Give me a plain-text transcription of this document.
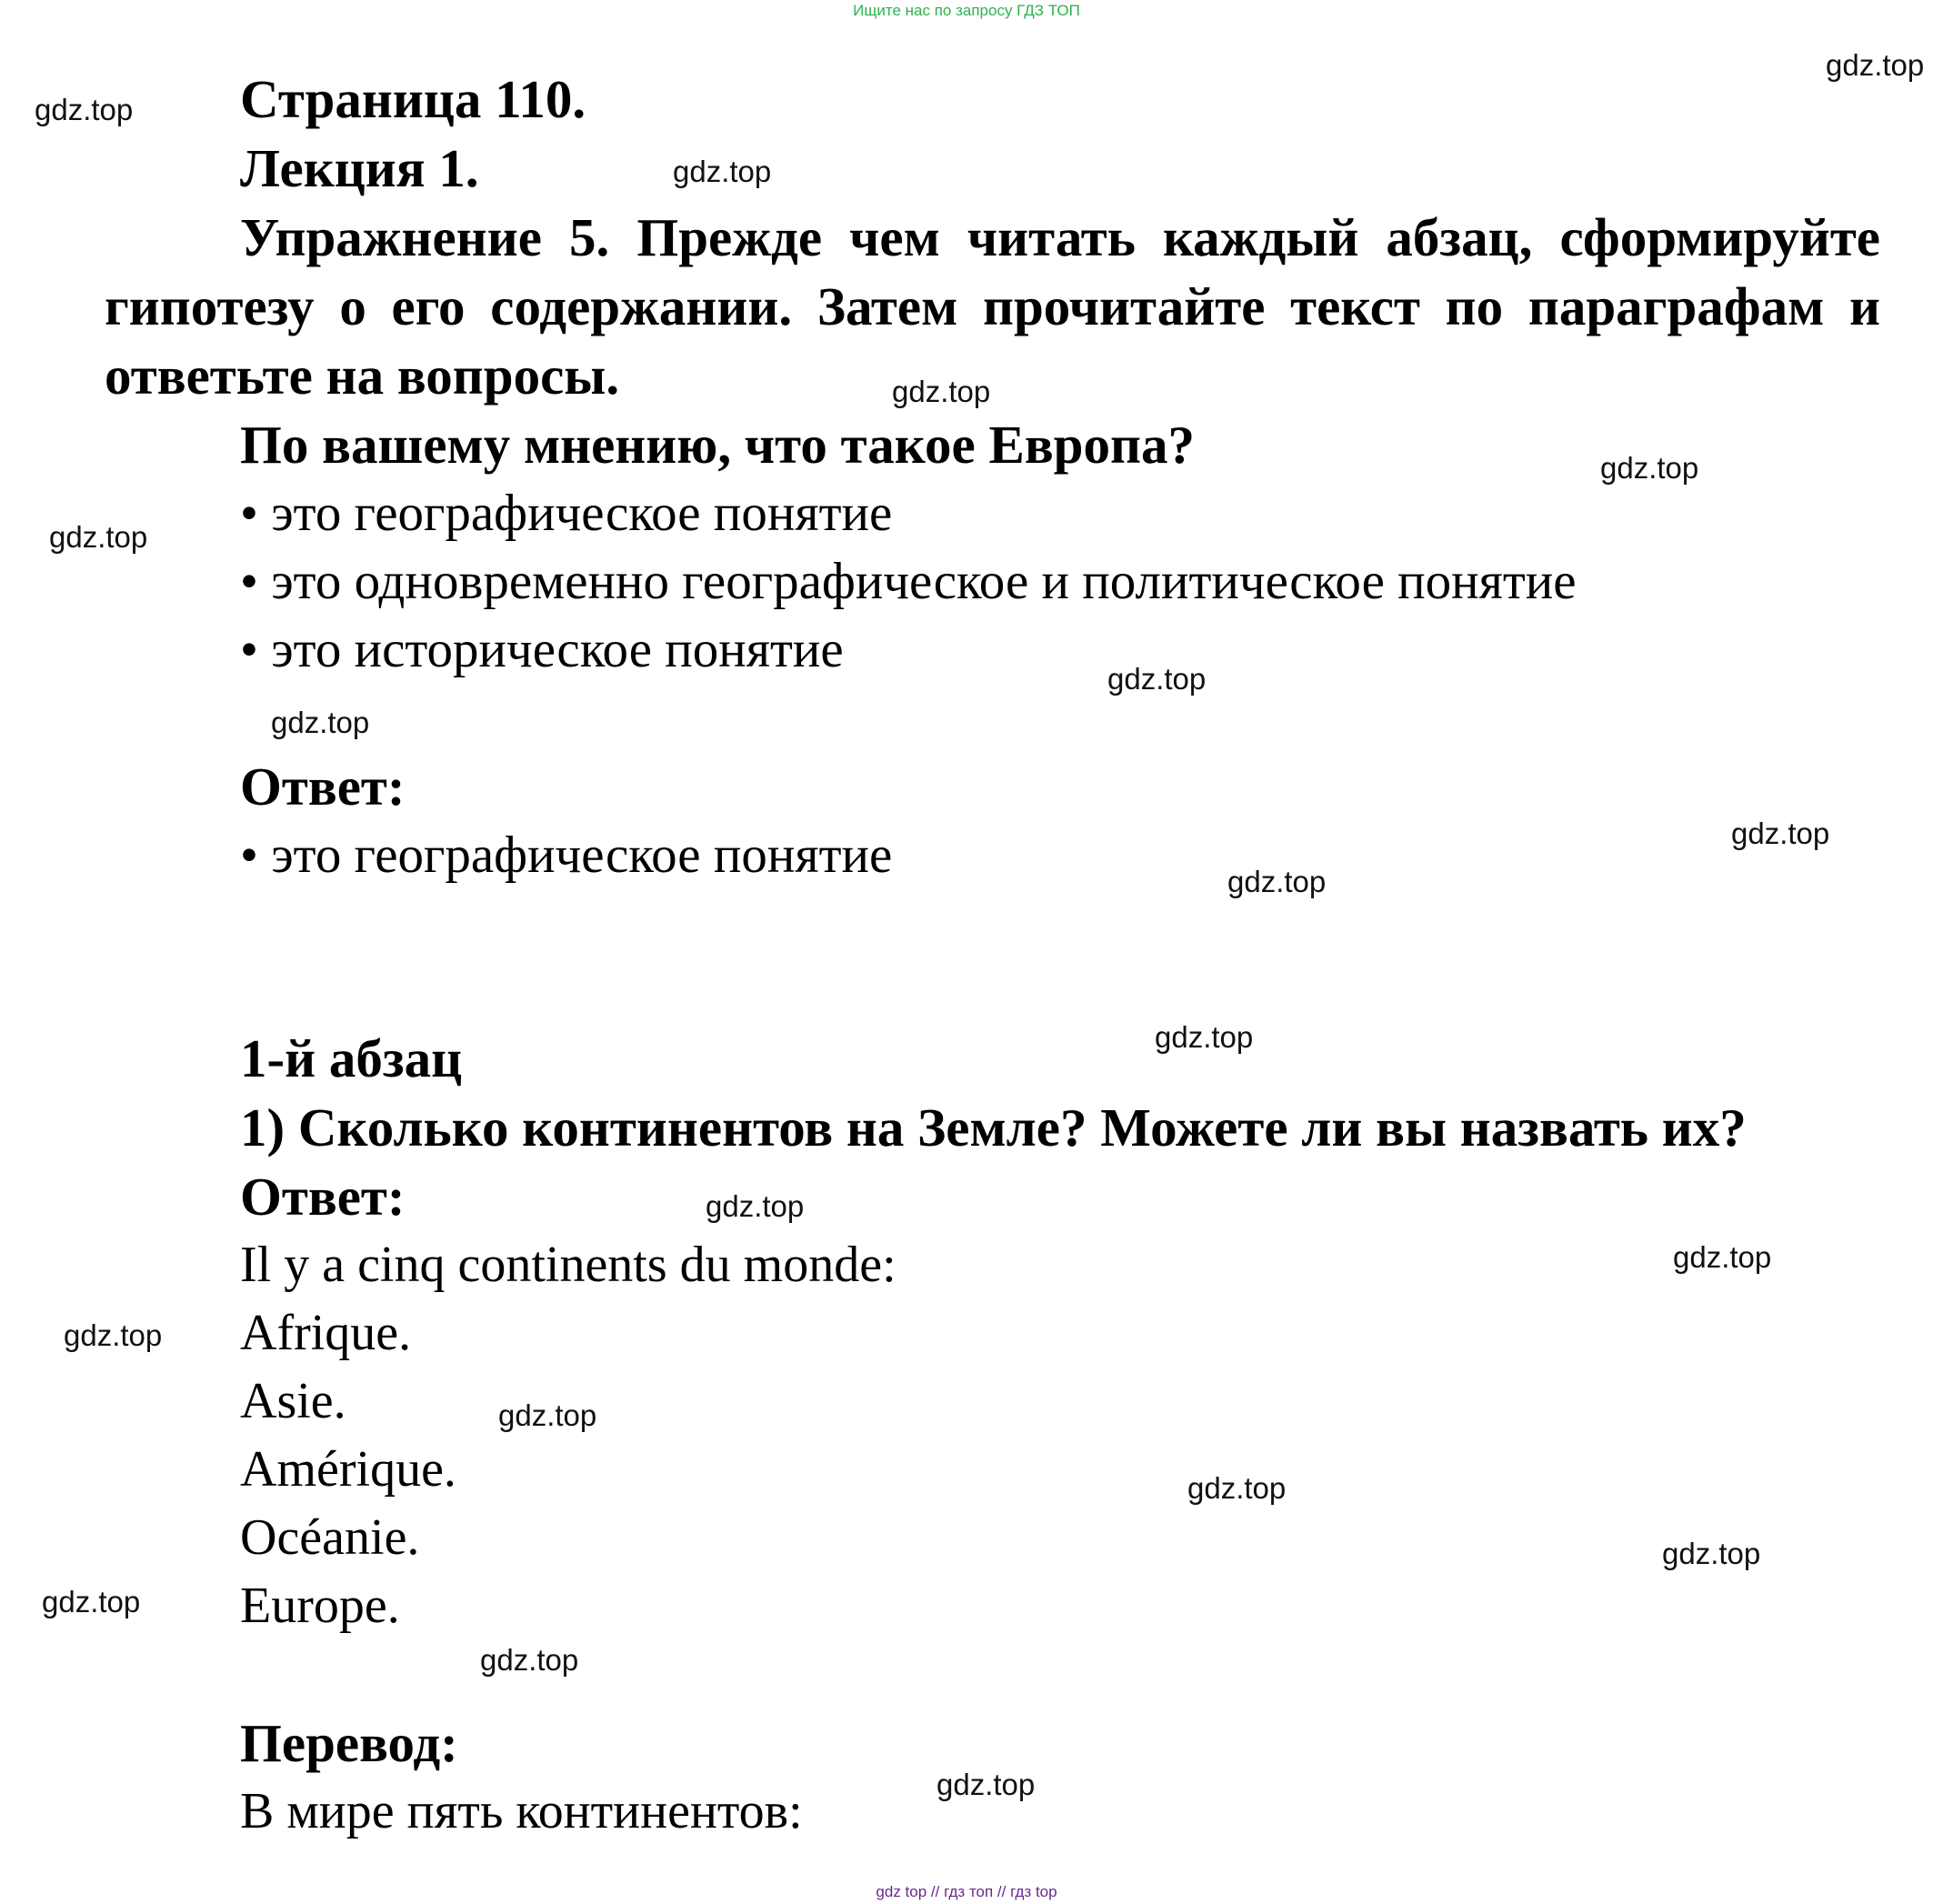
Ищите нас по запросу ГДЗ ТОП
Страница 110.
Лекция 1.
Упражнение 5. Прежде чем читать каждый абзац, сформируйте
гипотезу о его содержании. Затем прочитайте текст по параграфам и
ответьте на вопросы.
По вашему мнению, что такое Европа?
• это географическое понятие
• это одновременно географическое и политическое понятие
• это историческое понятие
Ответ:
• это географическое понятие
1-й абзац
1) Сколько континентов на Земле? Можете ли вы назвать их?
Ответ:
Il y a cinq continents du monde:
Afrique.
Asie.
Amérique.
Océanie.
Europe.
Перевод:
В мире пять континентов:
gdz.top
gdz.top
gdz.top
gdz.top
gdz.top
gdz.top
gdz.top
gdz.top
gdz.top
gdz.top
gdz.top
gdz.top
gdz.top
gdz.top
gdz.top
gdz.top
gdz.top
gdz.top
gdz.top
gdz.top
gdz top // гдз топ // гдз top
